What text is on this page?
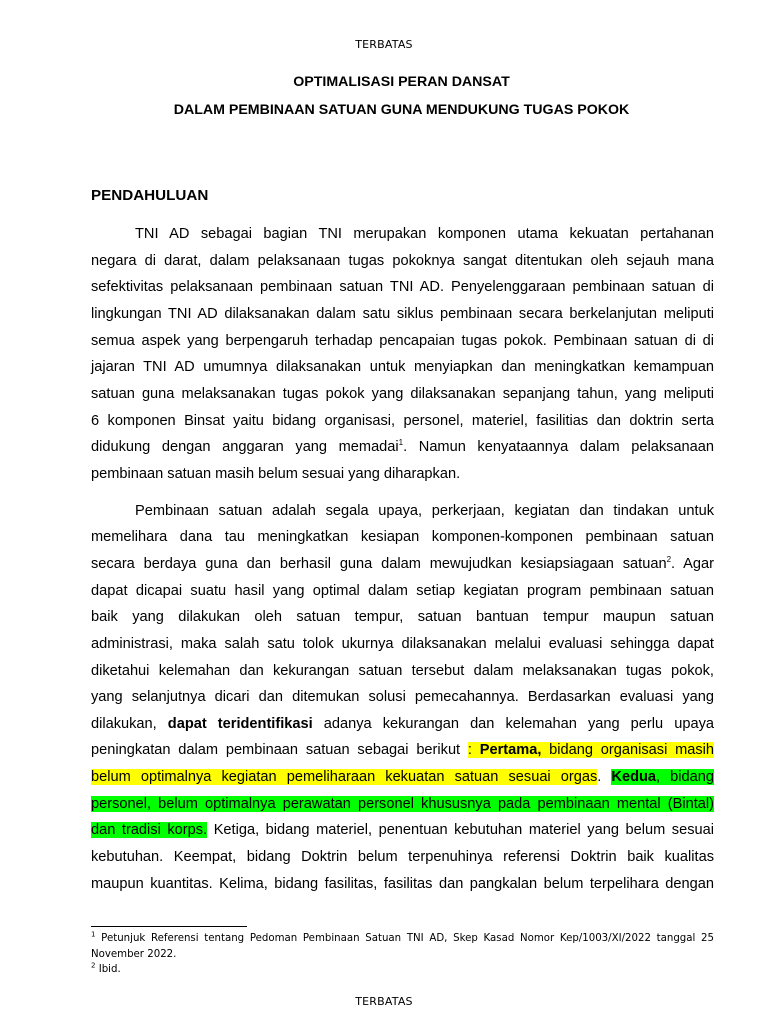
TERBATAS
OPTIMALISASI PERAN DANSAT
DALAM PEMBINAAN SATUAN GUNA MENDUKUNG TUGAS POKOK
PENDAHULUAN

TNI AD sebagai bagian TNI merupakan komponen utama kekuatan pertahanan
negara di darat, dalam pelaksanaan tugas pokoknya sangat ditentukan oleh sejauh mana
sefektivitas pelaksanaan pembinaan satuan TNI AD. Penyelenggaraan pembinaan satuan di
lingkungan TNI AD dilaksanakan dalam satu siklus pembinaan secara berkelanjutan meliputi
semua aspek yang berpengaruh terhadap pencapaian tugas pokok. Pembinaan satuan di di
jajaran TNI AD umumnya dilaksanakan untuk menyiapkan dan meningkatkan kemampuan
satuan guna melaksanakan tugas pokok yang dilaksanakan sepanjang tahun, yang meliputi
6 komponen Binsat yaitu bidang organisasi, personel, materiel, fasilitias dan doktrin serta
didukung dengan anggaran yang memadai$^1$. Namun kenyataannya dalam pelaksanaan
pembinaan satuan masih belum sesuai yang diharapkan.

Pembinaan satuan adalah segala upaya, perkerjaan, kegiatan dan tindakan untuk
memelihara dana tau meningkatkan kesiapan komponen-komponen pembinaan satuan
secara berdaya guna dan berhasil guna dalam mewujudkan kesiapsiagaan satuan$^2$. Agar
dapat dicapai suatu hasil yang optimal dalam setiap kegiatan program pembinaan satuan
baik yang dilakukan oleh satuan tempur, satuan bantuan tempur maupun satuan
administrasi, maka salah satu tolok ukurnya dilaksanakan melalui evaluasi sehingga dapat
diketahui kelemahan dan kekurangan satuan tersebut dalam melaksanakan tugas pokok,
yang selanjutnya dicari dan ditemukan solusi pemecahannya. Berdasarkan evaluasi yang
dilakukan, dapat teridentifikasi adanya kekurangan dan kelemahan yang perlu upaya
peningkatan dalam pembinaan satuan sebagai berikut : Pertama, bidang organisasi masih
belum optimalnya kegiatan pemeliharaan kekuatan satuan sesuai orgas. Kedua, bidang
personel, belum optimalnya perawatan personel khususnya pada pembinaan mental (Bintal)
dan tradisi korps. Ketiga, bidang materiel, penentuan kebutuhan materiel yang belum sesuai
kebutuhan. Keempat, bidang Doktrin belum terpenuhinya referensi Doktrin baik kualitas
maupun kuantitas. Kelima, bidang fasilitas, fasilitas dan pangkalan belum terpelihara dengan

$^1$ Petunjuk Referensi tentang Pedoman Pembinaan Satuan TNI AD, Skep Kasad Nomor Kep/1003/XI/2022 tanggal 25
November 2022.
$^2$ Ibid.
TERBATAS
